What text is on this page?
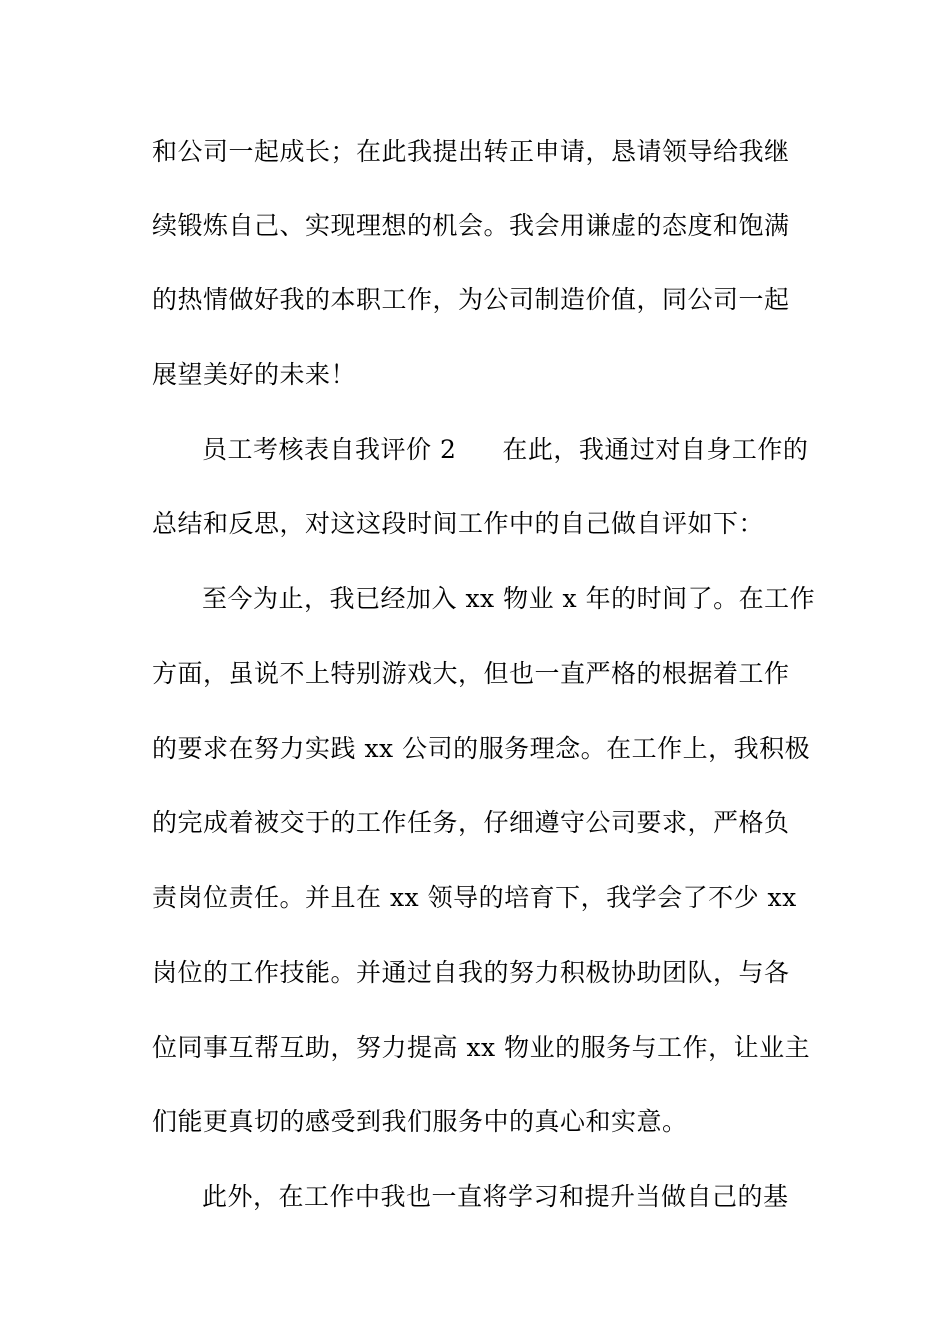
和公司一起成长；在此我提出转正申请，恳请领导给我继
续锻炼自己、实现理想的机会。我会用谦虚的态度和饱满
的热情做好我的本职工作，为公司制造价值，同公司一起
展望美好的未来！
员工考核表自我评价 2 在此，我通过对自身工作的
总结和反思，对这这段时间工作中的自己做自评如下：
至今为止，我已经加入 xx 物业 x 年的时间了。在工作
方面，虽说不上特别游戏大，但也一直严格的根据着工作
的要求在努力实践 xx 公司的服务理念。在工作上，我积极
的完成着被交于的工作任务，仔细遵守公司要求，严格负
责岗位责任。并且在 xx 领导的培育下，我学会了不少 xx
岗位的工作技能。并通过自我的努力积极协助团队，与各
位同事互帮互助，努力提高 xx 物业的服务与工作，让业主
们能更真切的感受到我们服务中的真心和实意。
此外，在工作中我也一直将学习和提升当做自己的基
